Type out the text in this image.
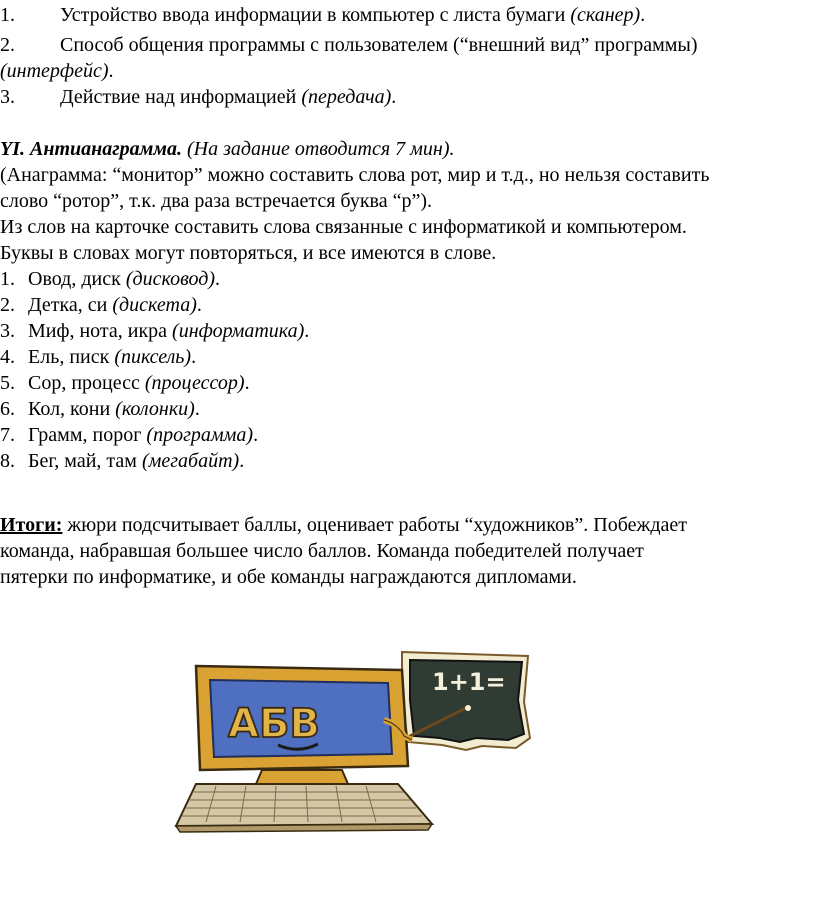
1. Устройство ввода информации в компьютер с листа бумаги (сканер).
2. Способ общения программы с пользователем (“внешний вид” программы)
(интерфейс).
3. Действие над информацией (передача).
YI. Антианаграмма. (На задание отводится 7 мин).
(Анаграмма: “монитор” можно составить слова рот, мир и т.д., но нельзя составить
слово “ротор”, т.к. два раза встречается буква “р”).
Из слов на карточке составить слова связанные с информатикой и компьютером.
Буквы в словах могут повторяться, и все имеются в слове.
1. Овод, диск (дисковод).
2. Детка, си (дискета).
3. Миф, нота, икра (информатика).
4. Ель, писк (пиксель).
5. Сор, процесс (процессор).
6. Кол, кони (колонки).
7. Грамм, порог (программа).
8. Бег, май, там (мегабайт).
Итоги: жюри подсчитывает баллы, оценивает работы “художников”. Побеждает
команда, набравшая большее число баллов. Команда победителей получает
пятерки по информатике, и обе команды награждаются дипломами.
1+1=
АБВ
